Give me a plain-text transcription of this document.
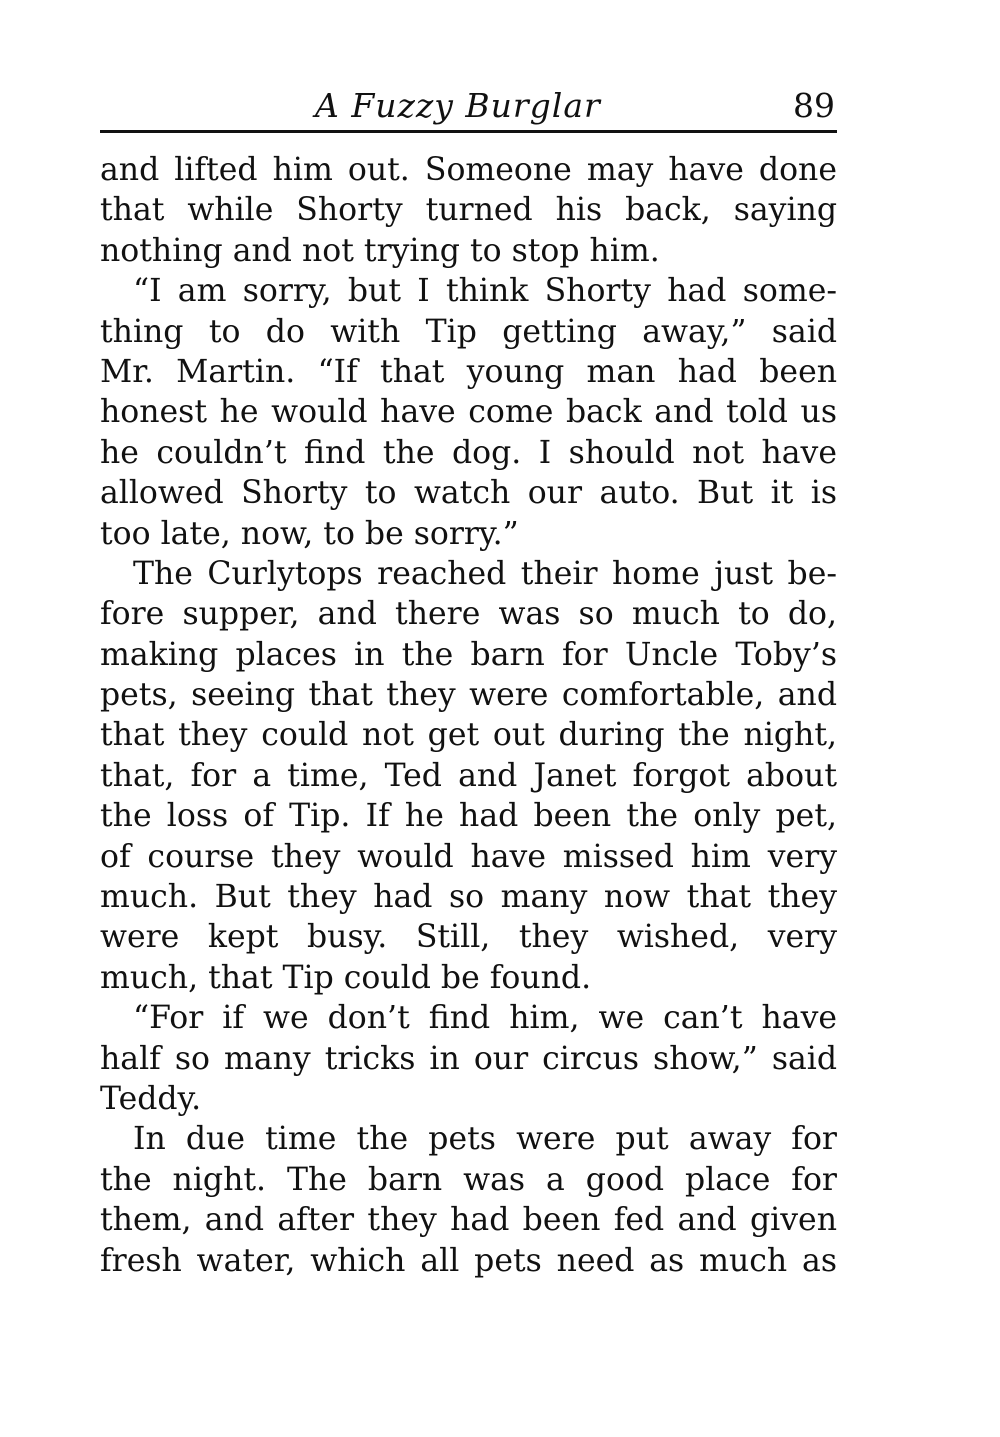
A Fuzzy Burglar	89
and lifted him out. Someone may have done
that while Shorty turned his back, saying
nothing and not trying to stop him.
“I am sorry, but I think Shorty had some-
thing to do with Tip getting away,” said
Mr. Martin. “If that young man had been
honest he would have come back and told us
he couldn’t find the dog. I should not have
allowed Shorty to watch our auto. But it is
too late, now, to be sorry.”
The Curlytops reached their home just be-
fore supper, and there was so much to do,
making places in the barn for Uncle Toby’s
pets, seeing that they were comfortable, and
that they could not get out during the night,
that, for a time, Ted and Janet forgot about
the loss of Tip. If he had been the only pet,
of course they would have missed him very
much. But they had so many now that they
were kept busy. Still, they wished, very
much, that Tip could be found.
“For if we don’t find him, we can’t have
half so many tricks in our circus show,” said
Teddy.
In due time the pets were put away for
the night. The barn was a good place for
them, and after they had been fed and given
fresh water, which all pets need as much as
